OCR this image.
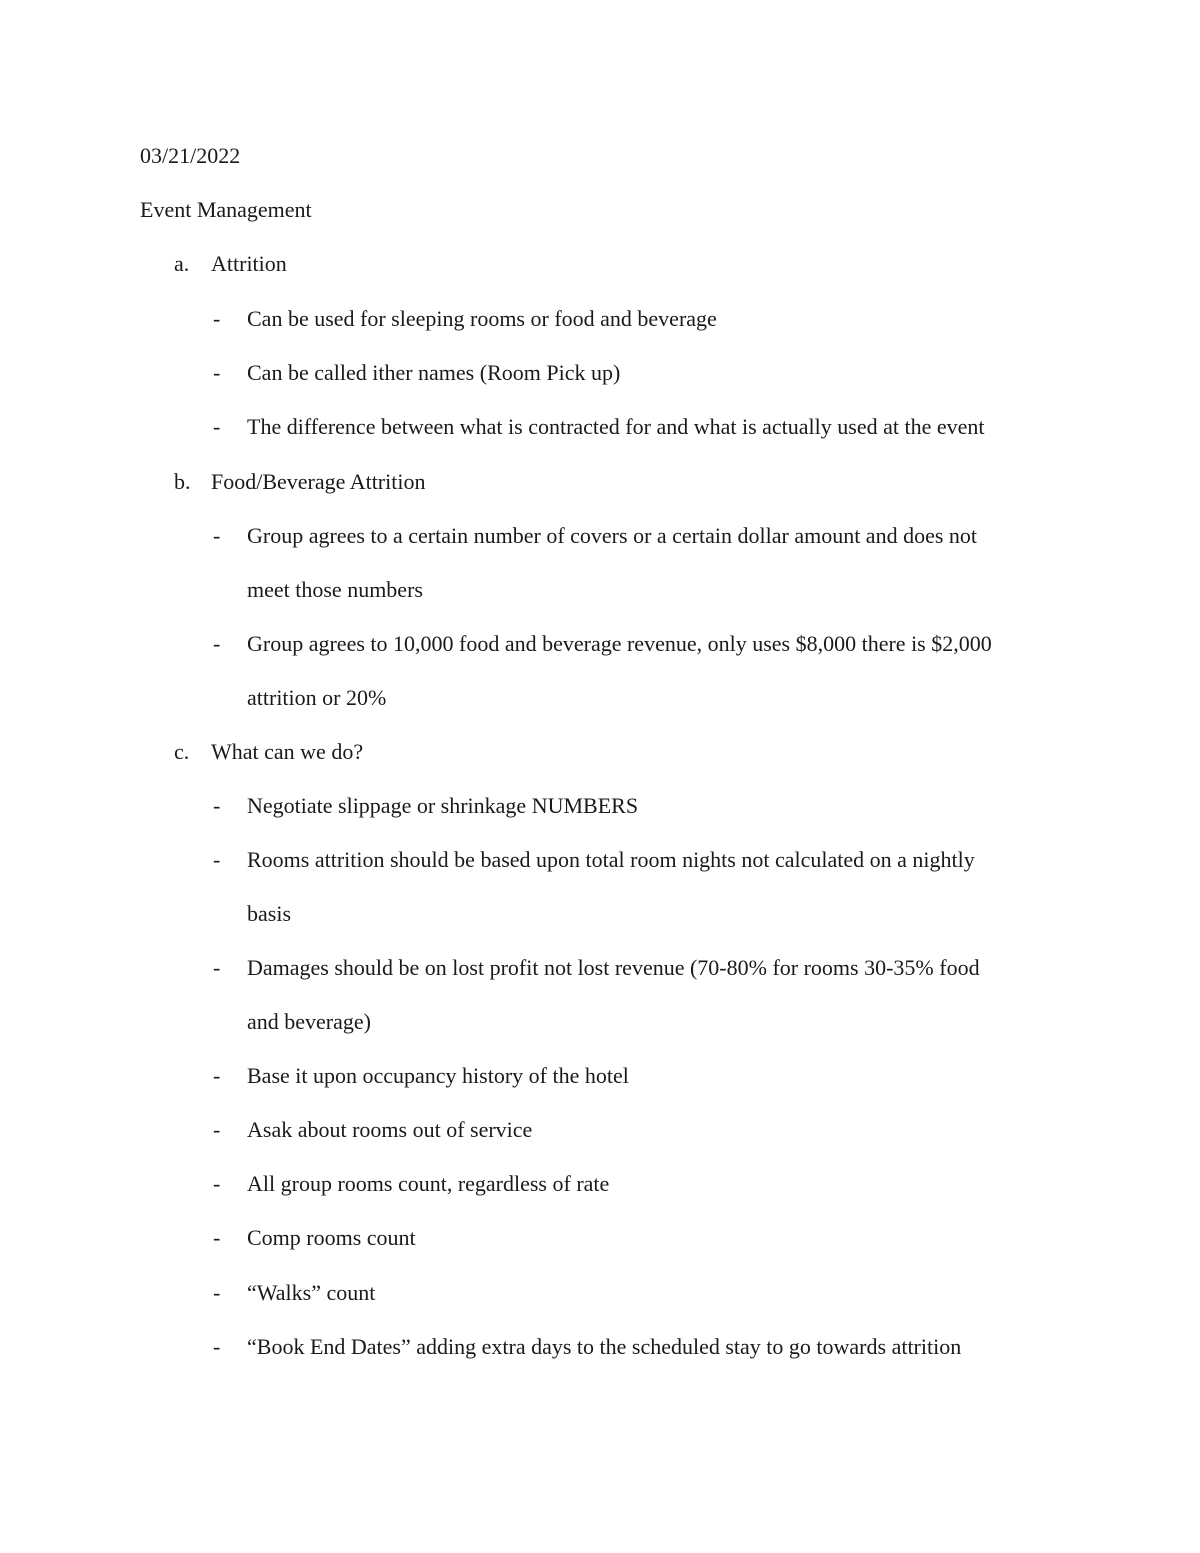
03/21/2022
Event Management
a. Attrition
- Can be used for sleeping rooms or food and beverage
- Can be called ither names (Room Pick up)
- The difference between what is contracted for and what is actually used at the event
b. Food/Beverage Attrition
- Group agrees to a certain number of covers or a certain dollar amount and does not
meet those numbers
- Group agrees to 10,000 food and beverage revenue, only uses $8,000 there is $2,000
attrition or 20%
c. What can we do?
- Negotiate slippage or shrinkage NUMBERS
- Rooms attrition should be based upon total room nights not calculated on a nightly
basis
- Damages should be on lost profit not lost revenue (70-80% for rooms 30-35% food
and beverage)
- Base it upon occupancy history of the hotel
- Asak about rooms out of service
- All group rooms count, regardless of rate
- Comp rooms count
- “Walks” count
- “Book End Dates” adding extra days to the scheduled stay to go towards attrition
